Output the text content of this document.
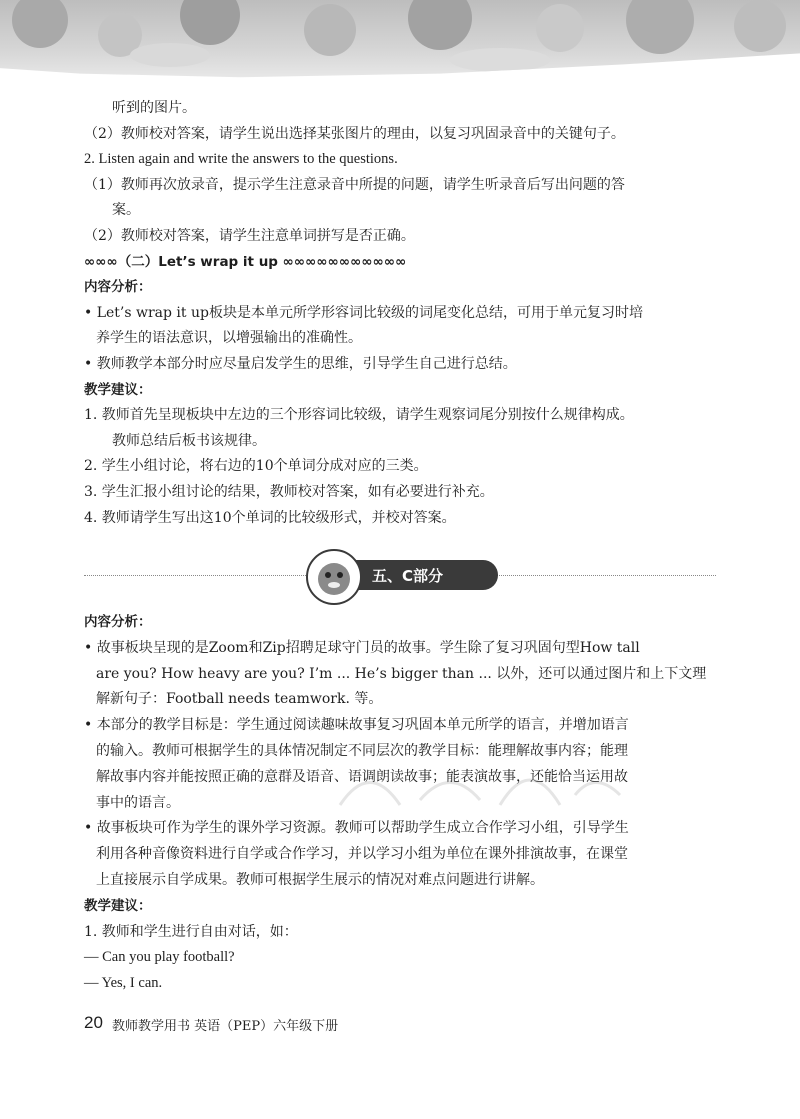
听到的图片。
（2）教师校对答案，请学生说出选择某张图片的理由，以复习巩固录音中的关键句子。
2. Listen again and write the answers to the questions.
（1）教师再次放录音，提示学生注意录音中所提的问题，请学生听录音后写出问题的答
案。
（2）教师校对答案，请学生注意单词拼写是否正确。
∞∞∞（二）Let’s wrap it up ∞∞∞∞∞∞∞∞∞∞∞
内容分析：
• Let’s wrap it up板块是本单元所学形容词比较级的词尾变化总结，可用于单元复习时培
养学生的语法意识，以增强输出的准确性。
• 教师教学本部分时应尽量启发学生的思维，引导学生自己进行总结。
教学建议：
1. 教师首先呈现板块中左边的三个形容词比较级，请学生观察词尾分别按什么规律构成。
教师总结后板书该规律。
2. 学生小组讨论，将右边的10个单词分成对应的三类。
3. 学生汇报小组讨论的结果，教师校对答案，如有必要进行补充。
4. 教师请学生写出这10个单词的比较级形式，并校对答案。
五、C部分
内容分析：
• 故事板块呈现的是Zoom和Zip招聘足球守门员的故事。学生除了复习巩固句型How tall
are you? How heavy are you? I’m ... He’s bigger than ... 以外，还可以通过图片和上下文理
解新句子：Football needs teamwork. 等。
• 本部分的教学目标是：学生通过阅读趣味故事复习巩固本单元所学的语言，并增加语言
的输入。教师可根据学生的具体情况制定不同层次的教学目标：能理解故事内容；能理
解故事内容并能按照正确的意群及语音、语调朗读故事；能表演故事，还能恰当运用故
事中的语言。
• 故事板块可作为学生的课外学习资源。教师可以帮助学生成立合作学习小组，引导学生
利用各种音像资料进行自学或合作学习，并以学习小组为单位在课外排演故事，在课堂
上直接展示自学成果。教师可根据学生展示的情况对难点问题进行讲解。
教学建议：
1. 教师和学生进行自由对话，如：
— Can you play football?
— Yes, I can.
20 教师教学用书 英语（PEP）六年级下册
